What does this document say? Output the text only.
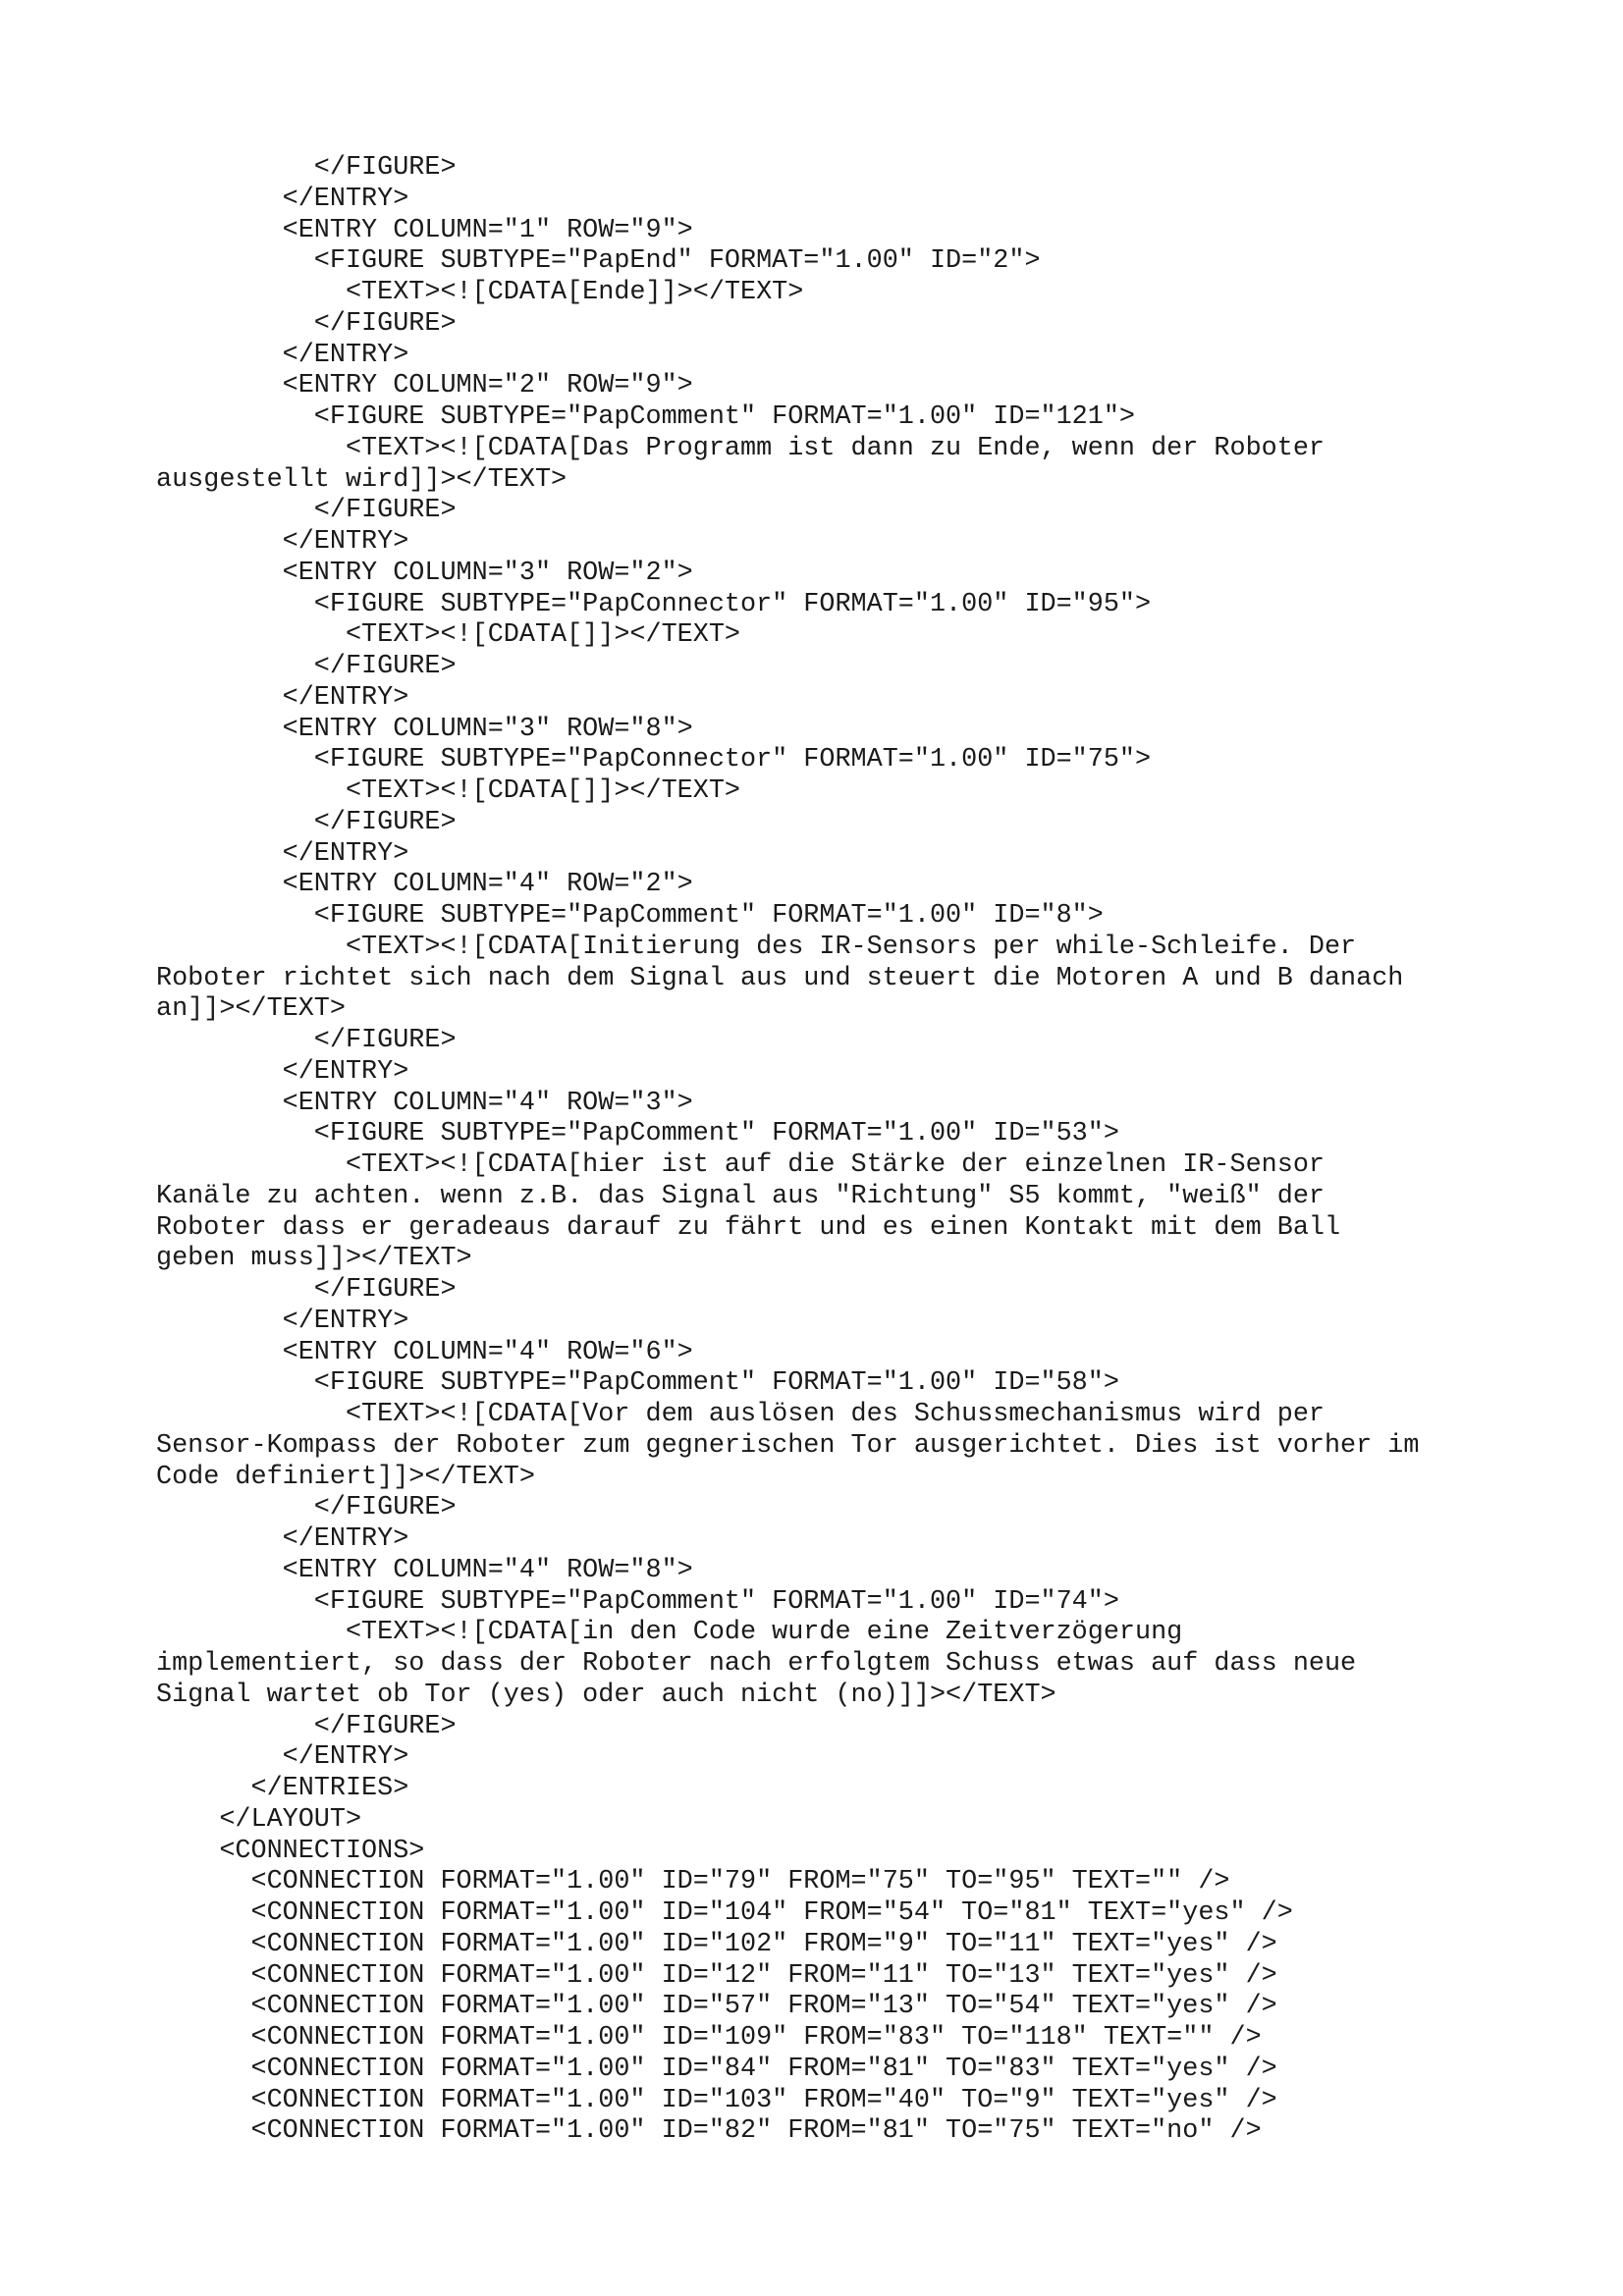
</FIGURE>
</ENTRY>
<ENTRY COLUMN="1" ROW="9">
<FIGURE SUBTYPE="PapEnd" FORMAT="1.00" ID="2">
<TEXT><![CDATA[Ende]]></TEXT>
</FIGURE>
</ENTRY>
<ENTRY COLUMN="2" ROW="9">
<FIGURE SUBTYPE="PapComment" FORMAT="1.00" ID="121">
<TEXT><![CDATA[Das Programm ist dann zu Ende, wenn der Roboter
ausgestellt wird]]></TEXT>
</FIGURE>
</ENTRY>
<ENTRY COLUMN="3" ROW="2">
<FIGURE SUBTYPE="PapConnector" FORMAT="1.00" ID="95">
<TEXT><![CDATA[]]></TEXT>
</FIGURE>
</ENTRY>
<ENTRY COLUMN="3" ROW="8">
<FIGURE SUBTYPE="PapConnector" FORMAT="1.00" ID="75">
<TEXT><![CDATA[]]></TEXT>
</FIGURE>
</ENTRY>
<ENTRY COLUMN="4" ROW="2">
<FIGURE SUBTYPE="PapComment" FORMAT="1.00" ID="8">
<TEXT><![CDATA[Initierung des IR-Sensors per while-Schleife. Der
Roboter richtet sich nach dem Signal aus und steuert die Motoren A und B danach
an]]></TEXT>
</FIGURE>
</ENTRY>
<ENTRY COLUMN="4" ROW="3">
<FIGURE SUBTYPE="PapComment" FORMAT="1.00" ID="53">
<TEXT><![CDATA[hier ist auf die Stärke der einzelnen IR-Sensor
Kanäle zu achten. wenn z.B. das Signal aus "Richtung" S5 kommt, "weiß" der
Roboter dass er geradeaus darauf zu fährt und es einen Kontakt mit dem Ball
geben muss]]></TEXT>
</FIGURE>
</ENTRY>
<ENTRY COLUMN="4" ROW="6">
<FIGURE SUBTYPE="PapComment" FORMAT="1.00" ID="58">
<TEXT><![CDATA[Vor dem auslösen des Schussmechanismus wird per
Sensor-Kompass der Roboter zum gegnerischen Tor ausgerichtet. Dies ist vorher im
Code definiert]]></TEXT>
</FIGURE>
</ENTRY>
<ENTRY COLUMN="4" ROW="8">
<FIGURE SUBTYPE="PapComment" FORMAT="1.00" ID="74">
<TEXT><![CDATA[in den Code wurde eine Zeitverzögerung
implementiert, so dass der Roboter nach erfolgtem Schuss etwas auf dass neue
Signal wartet ob Tor (yes) oder auch nicht (no)]]></TEXT>
</FIGURE>
</ENTRY>
</ENTRIES>
</LAYOUT>
<CONNECTIONS>
<CONNECTION FORMAT="1.00" ID="79" FROM="75" TO="95" TEXT="" />
<CONNECTION FORMAT="1.00" ID="104" FROM="54" TO="81" TEXT="yes" />
<CONNECTION FORMAT="1.00" ID="102" FROM="9" TO="11" TEXT="yes" />
<CONNECTION FORMAT="1.00" ID="12" FROM="11" TO="13" TEXT="yes" />
<CONNECTION FORMAT="1.00" ID="57" FROM="13" TO="54" TEXT="yes" />
<CONNECTION FORMAT="1.00" ID="109" FROM="83" TO="118" TEXT="" />
<CONNECTION FORMAT="1.00" ID="84" FROM="81" TO="83" TEXT="yes" />
<CONNECTION FORMAT="1.00" ID="103" FROM="40" TO="9" TEXT="yes" />
<CONNECTION FORMAT="1.00" ID="82" FROM="81" TO="75" TEXT="no" />
